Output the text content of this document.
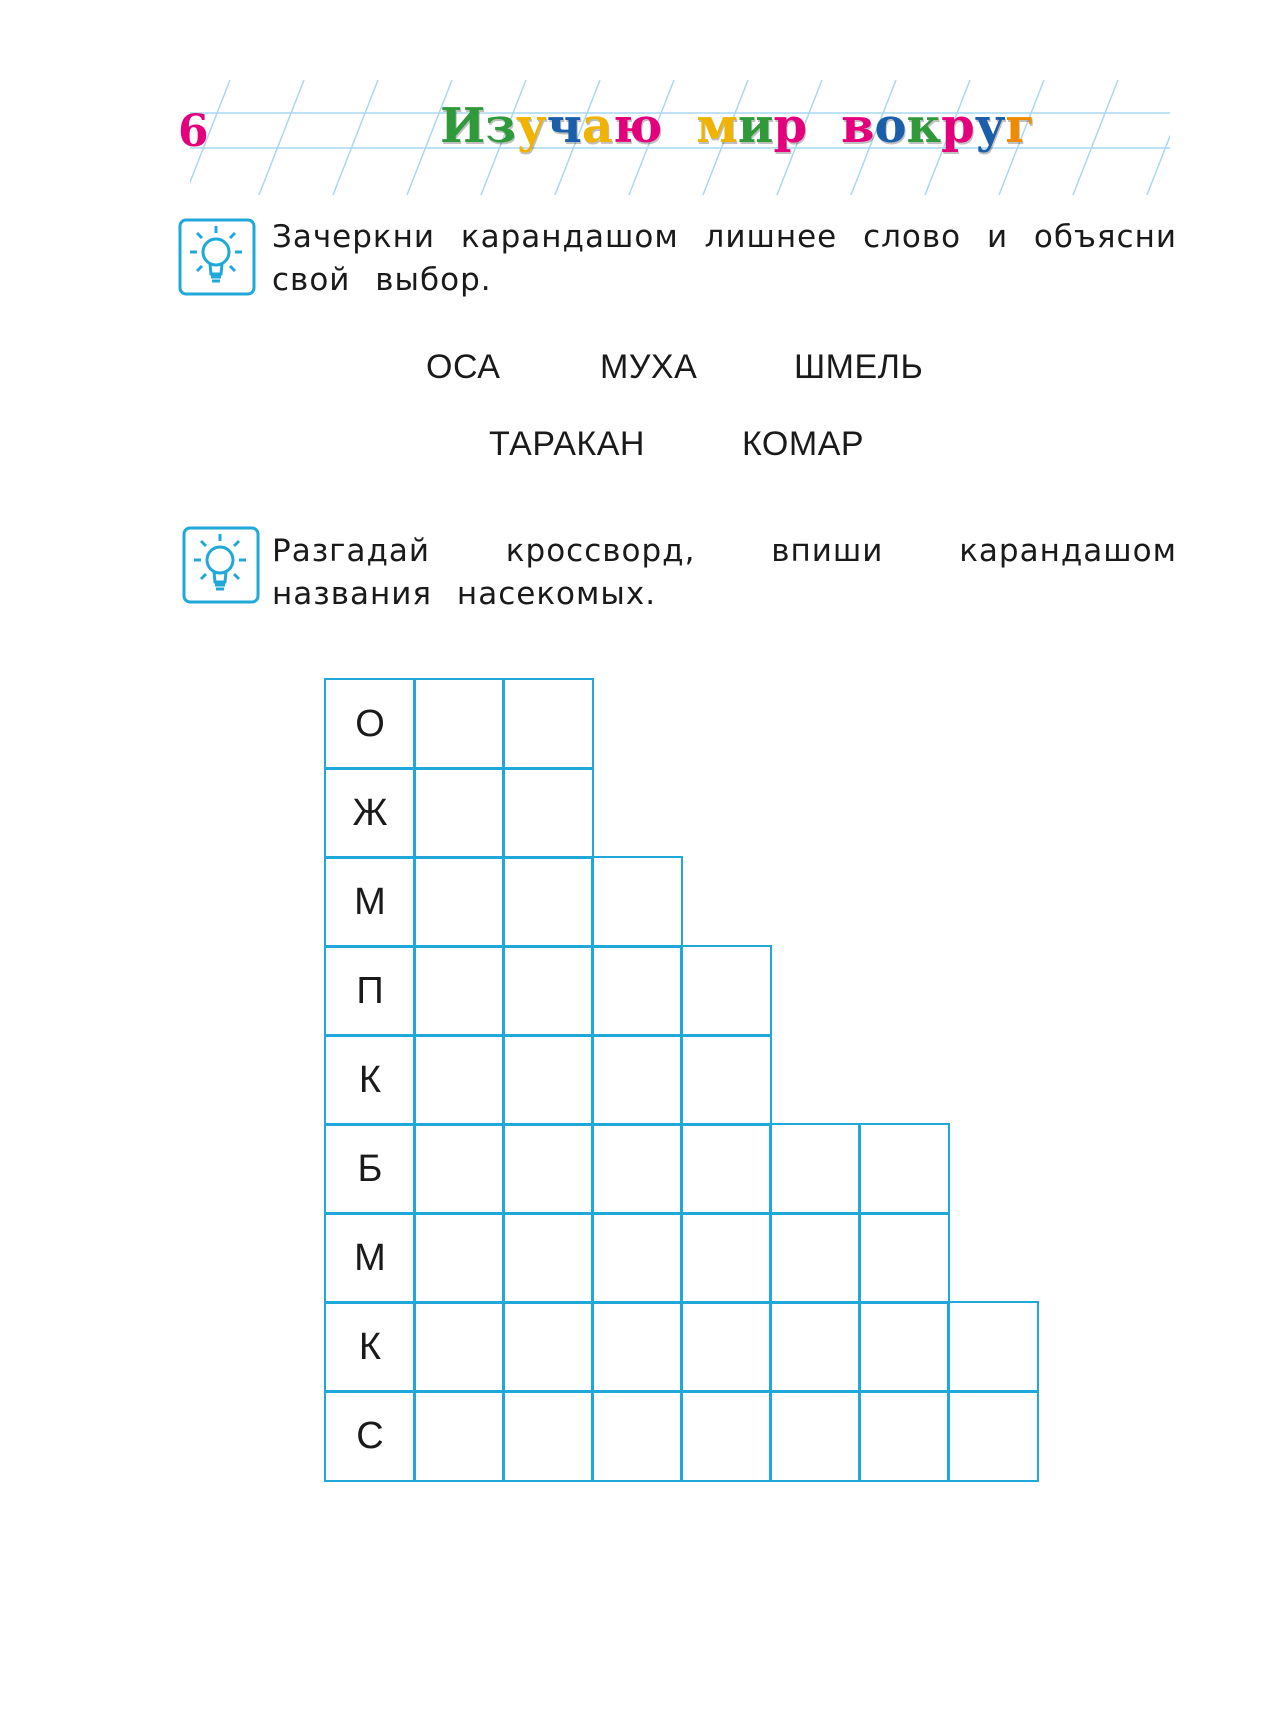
6	Изучаю мир вокруг
Зачеркни карандашом лишнее слово и объясни свой выбор.
ОСА	МУХА	ШМЕЛЬ
ТАРАКАН	КОМАР
Разгадай кроссворд, впиши карандашом названия насекомых.
О
Ж
М
П
К
Б
М
К
С
